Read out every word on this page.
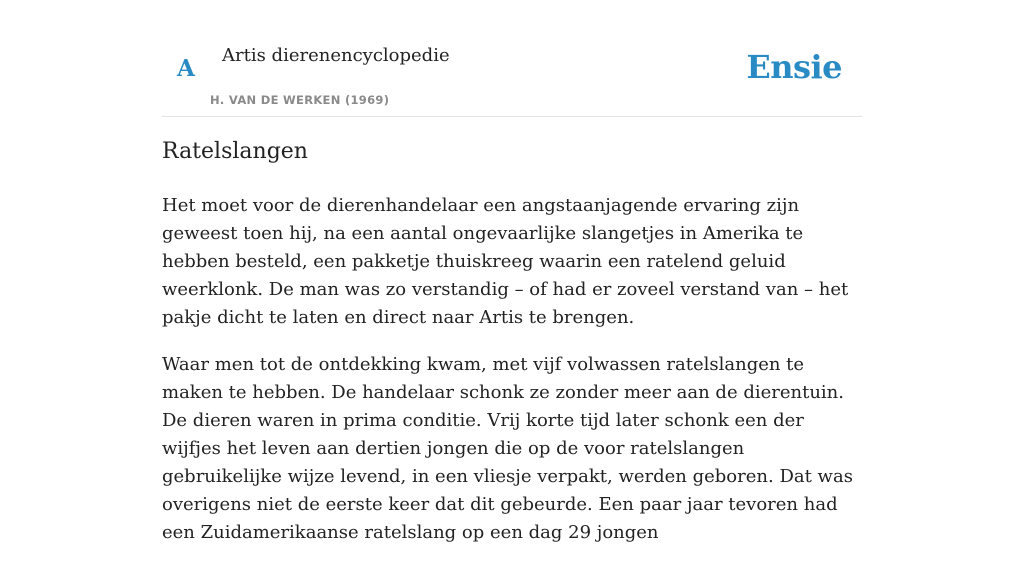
A Artis dierenencyclopedie
H. VAN DE WERKEN (1969)
Ensie
Ratelslangen

Het moet voor de dierenhandelaar een angstaanjagende ervaring zijn geweest toen hij, na een aantal ongevaarlijke slangetjes in Amerika te hebben besteld, een pakketje thuiskreeg waarin een ratelend geluid weerklonk. De man was zo verstandig – of had er zoveel verstand van – het pakje dicht te laten en direct naar Artis te brengen.

Waar men tot de ontdekking kwam, met vijf volwassen ratelslangen te maken te hebben. De handelaar schonk ze zonder meer aan de dierentuin. De dieren waren in prima conditie. Vrij korte tijd later schonk een der wijfjes het leven aan dertien jongen die op de voor ratelslangen gebruikelijke wijze levend, in een vliesje verpakt, werden geboren. Dat was overigens niet de eerste keer dat dit gebeurde. Een paar jaar tevoren had een Zuidamerikaanse ratelslang op een dag 29 jongen
